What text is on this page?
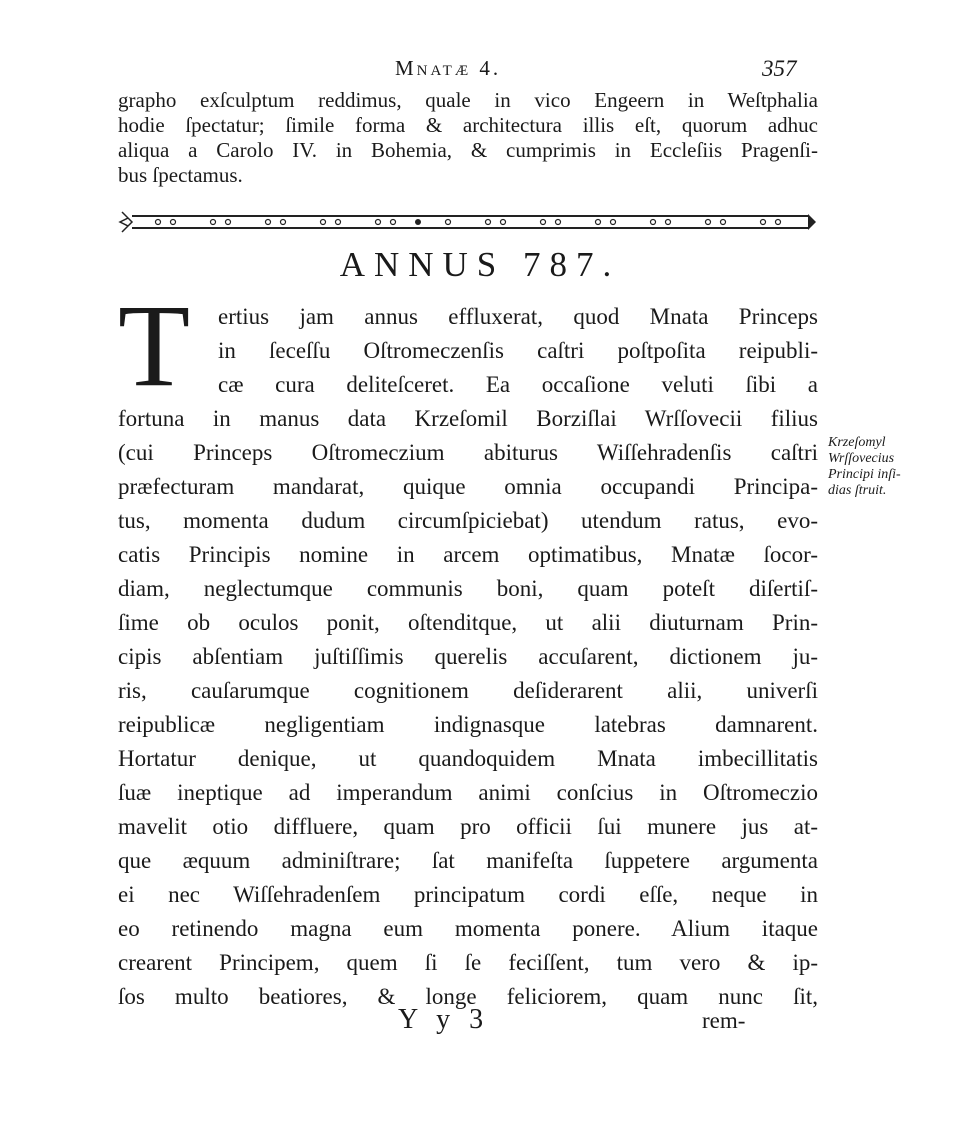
Mnatæ 4.	357
grapho exſculptum reddimus, quale in vico Engeern in Weſtphalia
hodie ſpectatur; ſimile forma & architectura illis eſt, quorum adhuc
aliqua a Carolo IV. in Bohemia, & cumprimis in Eccleſiis Pragenſi-
bus ſpectamus.
ANNUS 787.
T	ertius jam annus effluxerat, quod Mnata Princeps
in ſeceſſu Oſtromeczenſis caſtri poſtpoſita reipubli-
cæ cura deliteſceret. Ea occaſione veluti ſibi a
fortuna in manus data Krzeſomil Borziſlai Wrſſovecii filius
(cui Princeps Oſtromeczium abiturus Wiſſehradenſis caſtri
præfecturam mandarat, quique omnia occupandi Principa-
tus, momenta dudum circumſpiciebat) utendum ratus, evo-
catis Principis nomine in arcem optimatibus, Mnatæ ſocor-
diam, neglectumque communis boni, quam poteſt diſertiſ-
ſime ob oculos ponit, oſtenditque, ut alii diuturnam Prin-
cipis abſentiam juſtiſſimis querelis accuſarent, dictionem ju-
ris, cauſarumque cognitionem deſiderarent alii, univerſi
reipublicæ negligentiam indignasque latebras damnarent.
Hortatur denique, ut quandoquidem Mnata imbecillitatis
ſuæ ineptique ad imperandum animi conſcius in Oſtromeczio
mavelit otio diffluere, quam pro officii ſui munere jus at-
que æquum adminiſtrare; ſat manifeſta ſuppetere argumenta
ei nec Wiſſehradenſem principatum cordi eſſe, neque in
eo retinendo magna eum momenta ponere. Alium itaque
crearent Principem, quem ſi ſe feciſſent, tum vero & ip-
ſos multo beatiores, & longe feliciorem, quam nunc ſit,
Krzeſomyl
Wrſſovecius
Principi inſi-
dias ſtruit.
Y y 3	rem-
